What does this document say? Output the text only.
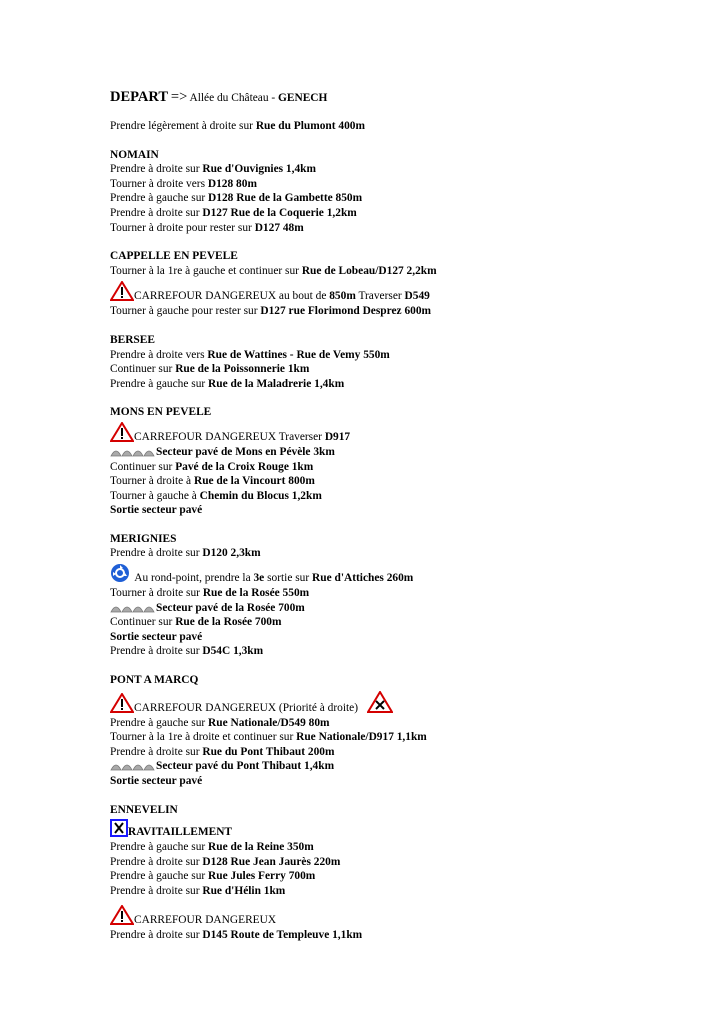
DEPART => Allée du Château - GENECH
Prendre légèrement à droite sur Rue du Plumont 400m
NOMAIN
Prendre à droite sur Rue d'Ouvignies 1,4km
Tourner à droite vers D128 80m
Prendre à gauche sur D128 Rue de la Gambette 850m
Prendre à droite sur D127 Rue de la Coquerie 1,2km
Tourner à droite pour rester sur D127 48m
CAPPELLE EN PEVELE
Tourner à la 1re à gauche et continuer sur Rue de Lobeau/D127 2,2km
CARREFOUR DANGEREUX au bout de 850m Traverser D549
Tourner à gauche pour rester sur D127 rue Florimond Desprez 600m
BERSEE
Prendre à droite vers Rue de Wattines - Rue de Vemy 550m
Continuer sur Rue de la Poissonnerie 1km
Prendre à gauche sur Rue de la Maladrerie 1,4km
MONS EN PEVELE
CARREFOUR DANGEREUX Traverser D917
Secteur pavé de Mons en Pévèle 3km
Continuer sur Pavé de la Croix Rouge 1km
Tourner à droite à Rue de la Vincourt 800m
Tourner à gauche à Chemin du Blocus 1,2km
Sortie secteur pavé
MERIGNIES
Prendre à droite sur D120 2,3km
Au rond-point, prendre la 3e sortie sur Rue d'Attiches 260m
Tourner à droite sur Rue de la Rosée 550m
Secteur pavé de la Rosée 700m
Continuer sur Rue de la Rosée 700m
Sortie secteur pavé
Prendre à droite sur D54C 1,3km
PONT A MARCQ
CARREFOUR DANGEREUX (Priorité à droite)
Prendre à gauche sur Rue Nationale/D549 80m
Tourner à la 1re à droite et continuer sur Rue Nationale/D917 1,1km
Prendre à droite sur Rue du Pont Thibaut 200m
Secteur pavé du Pont Thibaut 1,4km
Sortie secteur pavé
ENNEVELIN
RAVITAILLEMENT
Prendre à gauche sur Rue de la Reine 350m
Prendre à droite sur D128 Rue Jean Jaurès 220m
Prendre à gauche sur Rue Jules Ferry 700m
Prendre à droite sur Rue d'Hélin 1km
CARREFOUR DANGEREUX
Prendre à droite sur D145 Route de Templeuve 1,1km
